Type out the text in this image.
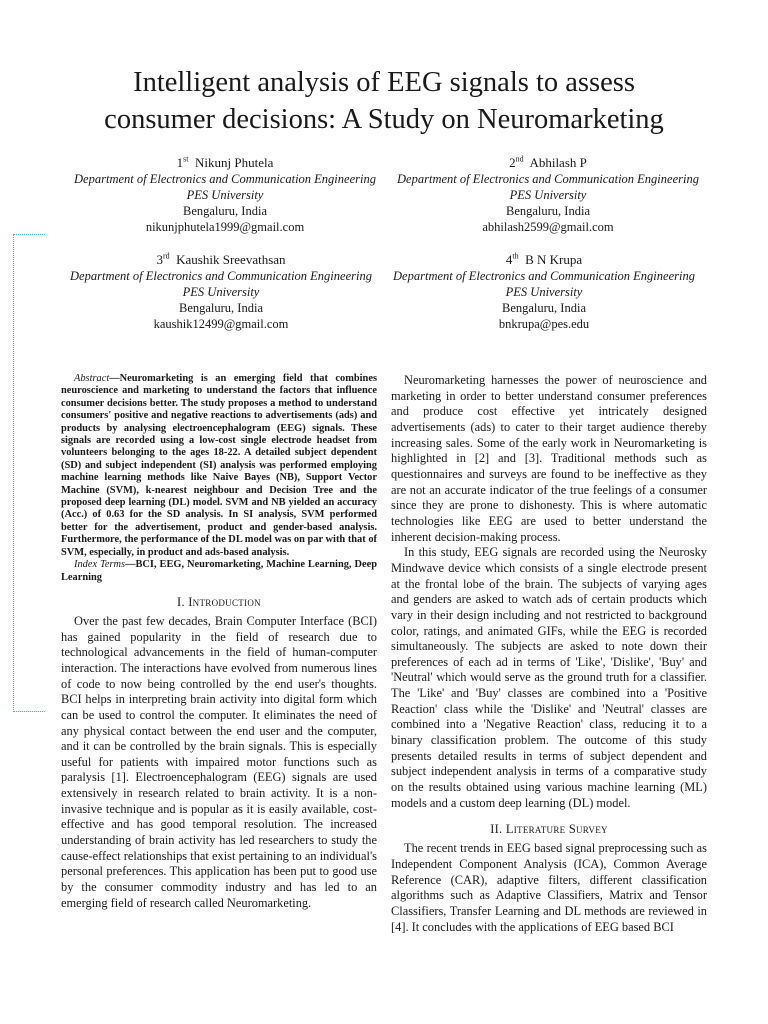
Intelligent analysis of EEG signals to assess
consumer decisions: A Study on Neuromarketing
1st Nikunj Phutela
Department of Electronics and Communication Engineering
PES University
Bengaluru, India
nikunjphutela1999@gmail.com
2nd Abhilash P
Department of Electronics and Communication Engineering
PES University
Bengaluru, India
abhilash2599@gmail.com
3rd Kaushik Sreevathsan
Department of Electronics and Communication Engineering
PES University
Bengaluru, India
kaushik12499@gmail.com
4th B N Krupa
Department of Electronics and Communication Engineering
PES University
Bengaluru, India
bnkrupa@pes.edu

Abstract—Neuromarketing is an emerging field that combines neuroscience and marketing to understand the factors that influence consumer decisions better. The study proposes a method to understand consumers' positive and negative reactions to advertisements (ads) and products by analysing electroencephalogram (EEG) signals. These signals are recorded using a low-cost single electrode headset from volunteers belonging to the ages 18-22. A detailed subject dependent (SD) and subject independent (SI) analysis was performed employing machine learning methods like Naive Bayes (NB), Support Vector Machine (SVM), k-nearest neighbour and Decision Tree and the proposed deep learning (DL) model. SVM and NB yielded an accuracy (Acc.) of 0.63 for the SD analysis. In SI analysis, SVM performed better for the advertisement, product and gender-based analysis. Furthermore, the performance of the DL model was on par with that of SVM, especially, in product and ads-based analysis.

Index Terms—BCI, EEG, Neuromarketing, Machine Learning, Deep Learning

I. Introduction

Over the past few decades, Brain Computer Interface (BCI) has gained popularity in the field of research due to technological advancements in the field of human-computer interaction. The interactions have evolved from numerous lines of code to now being controlled by the end user's thoughts. BCI helps in interpreting brain activity into digital form which can be used to control the computer. It eliminates the need of any physical contact between the end user and the computer, and it can be controlled by the brain signals. This is especially useful for patients with impaired motor functions such as paralysis [1]. Electroencephalogram (EEG) signals are used extensively in research related to brain activity. It is a non-invasive technique and is popular as it is easily available, cost-effective and has good temporal resolution. The increased understanding of brain activity has led researchers to study the cause-effect relationships that exist pertaining to an individual's personal preferences. This application has been put to good use by the consumer commodity industry and has led to an emerging field of research called Neuromarketing.

Neuromarketing harnesses the power of neuroscience and marketing in order to better understand consumer preferences and produce cost effective yet intricately designed advertisements (ads) to cater to their target audience thereby increasing sales. Some of the early work in Neuromarketing is highlighted in [2] and [3]. Traditional methods such as questionnaires and surveys are found to be ineffective as they are not an accurate indicator of the true feelings of a consumer since they are prone to dishonesty. This is where automatic technologies like EEG are used to better understand the inherent decision-making process.

In this study, EEG signals are recorded using the Neurosky Mindwave device which consists of a single electrode present at the frontal lobe of the brain. The subjects of varying ages and genders are asked to watch ads of certain products which vary in their design including and not restricted to background color, ratings, and animated GIFs, while the EEG is recorded simultaneously. The subjects are asked to note down their preferences of each ad in terms of 'Like', 'Dislike', 'Buy' and 'Neutral' which would serve as the ground truth for a classifier. The 'Like' and 'Buy' classes are combined into a 'Positive Reaction' class while the 'Dislike' and 'Neutral' classes are combined into a 'Negative Reaction' class, reducing it to a binary classification problem. The outcome of this study presents detailed results in terms of subject dependent and subject independent analysis in terms of a comparative study on the results obtained using various machine learning (ML) models and a custom deep learning (DL) model.

II. Literature Survey

The recent trends in EEG based signal preprocessing such as Independent Component Analysis (ICA), Common Average Reference (CAR), adaptive filters, different classification algorithms such as Adaptive Classifiers, Matrix and Tensor Classifiers, Transfer Learning and DL methods are reviewed in [4]. It concludes with the applications of EEG based BCI
